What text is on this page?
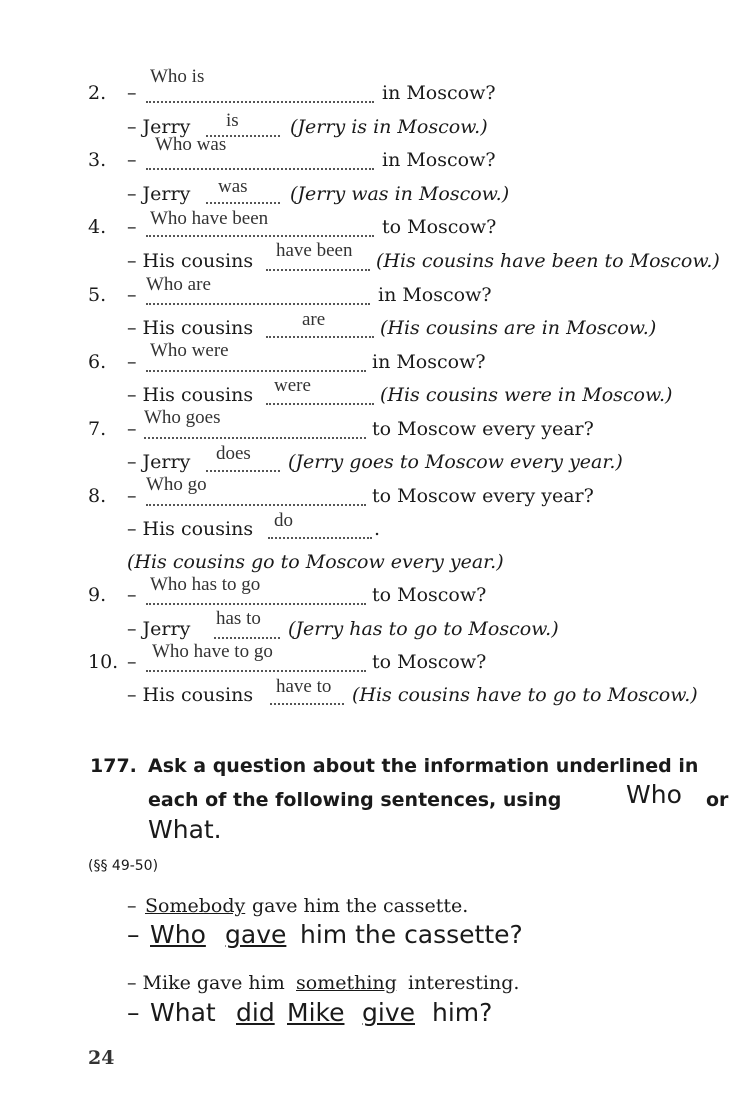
Who is
2. –	in Moscow?
– Jerry is	(Jerry is in Moscow.)
Who was
3. –	in Moscow?
– Jerry was (Jerry was in Moscow.)
4. – Who have been	to Moscow?
– His cousins have been (His cousins have been to Moscow.)
5. – Who are	in Moscow?
– His cousins	are	(His cousins are in Moscow.)
6. –
Who were
in Moscow?
– His cousins were	(His cousins were in Moscow.)
7. –
Who goes
to Moscow every year?
– Jerry does (Jerry goes to Moscow every year.)
8. –
Who go
to Moscow every year?
– His cousins do	.
(His cousins go to Moscow every year.)
9. – Who has to go	to Moscow?
– Jerry has to (Jerry has to go to Moscow.)
10. – Who have to go	to Moscow?
– His cousins have to (His cousins have to go to Moscow.)
177. Ask a question about the information underlined in
each of the following sentences, using	Who or
What.
(§§ 49-50)
– Somebody gave him the cassette.
– Who gave him the cassette?
– Mike gave him something interesting.
– What did Mike give him?
24
